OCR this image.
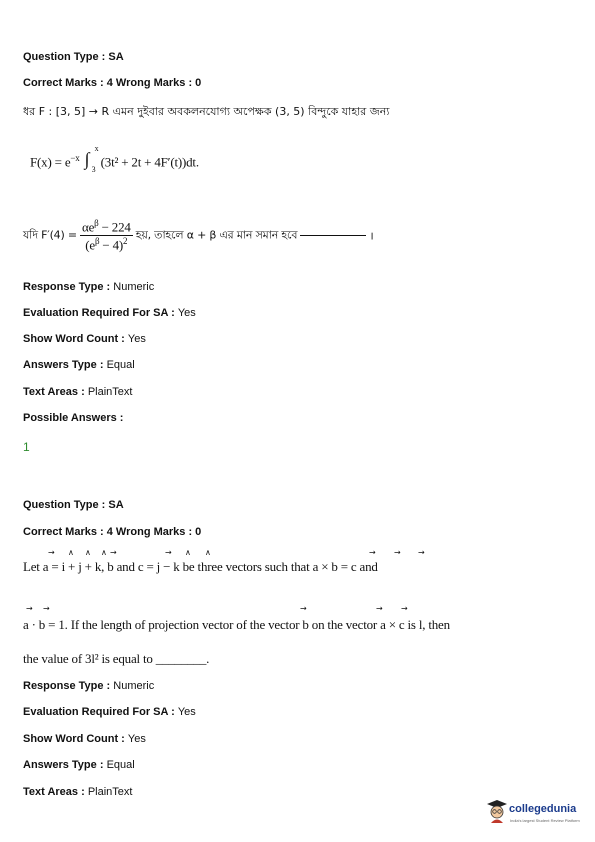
Question Type : SA
Correct Marks : 4 Wrong Marks : 0
ধর F : [3, 5] → R এমন দুইবার অবকলনযোগ্য অপেক্ষক (3, 5) বিন্দুকে যাহার জন্য
$F(x) = e^{-x}$ ∫
x
3
(3t² + 2t + 4F′(t))dt.
যদি $F'(4) = \frac{\alpha e^\beta - 224}{(e^\beta - 4)^2}$ হয়, তাহলে α + β এর মান সমান হবে	।
Response Type : Numeric
Evaluation Required For SA : Yes
Show Word Count : Yes
Answers Type : Equal
Text Areas : PlainText
Possible Answers :
1
Question Type : SA
Correct Marks : 4 Wrong Marks : 0
→ ∧ ∧ ∧ →	→ ∧ ∧	→ → →
Let a = i + j + k, b and c = j − k be three vectors such that a × b = c and
→ →	→	→ →
a · b = 1. If the length of projection vector of the vector b on the vector a × c is l, then
the value of 3l² is equal to ________.
Response Type : Numeric
Evaluation Required For SA : Yes
Show Word Count : Yes
Answers Type : Equal
Text Areas : PlainText
collegedunia
India's largest Student Review Platform
